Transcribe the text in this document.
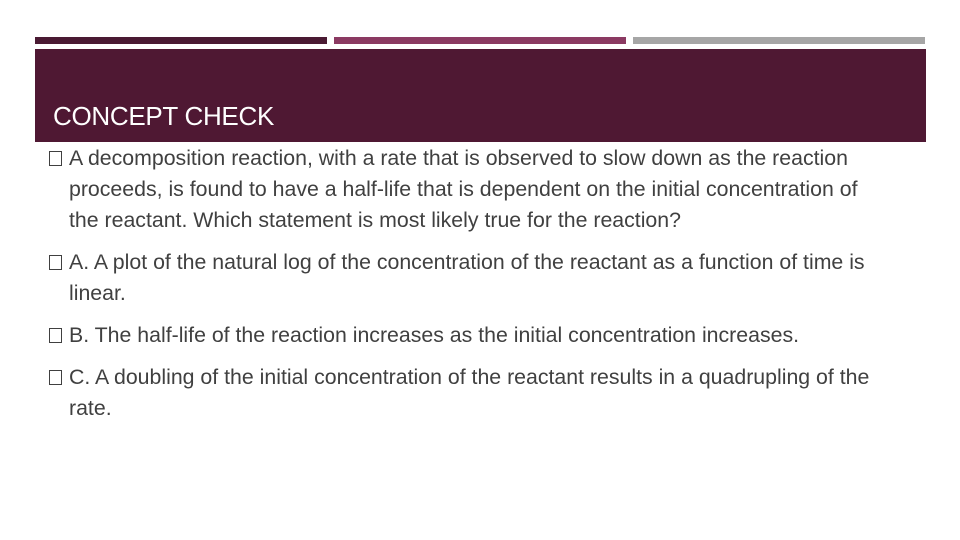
CONCEPT CHECK
A decomposition reaction, with a rate that is observed to slow down as the reaction proceeds, is found to have a half-life that is dependent on the initial concentration of the reactant. Which statement is most likely true for the reaction?
A. A plot of the natural log of the concentration of the reactant as a function of time is linear.
B. The half-life of the reaction increases as the initial concentration increases.
C. A doubling of the initial concentration of the reactant results in a quadrupling of the rate.
